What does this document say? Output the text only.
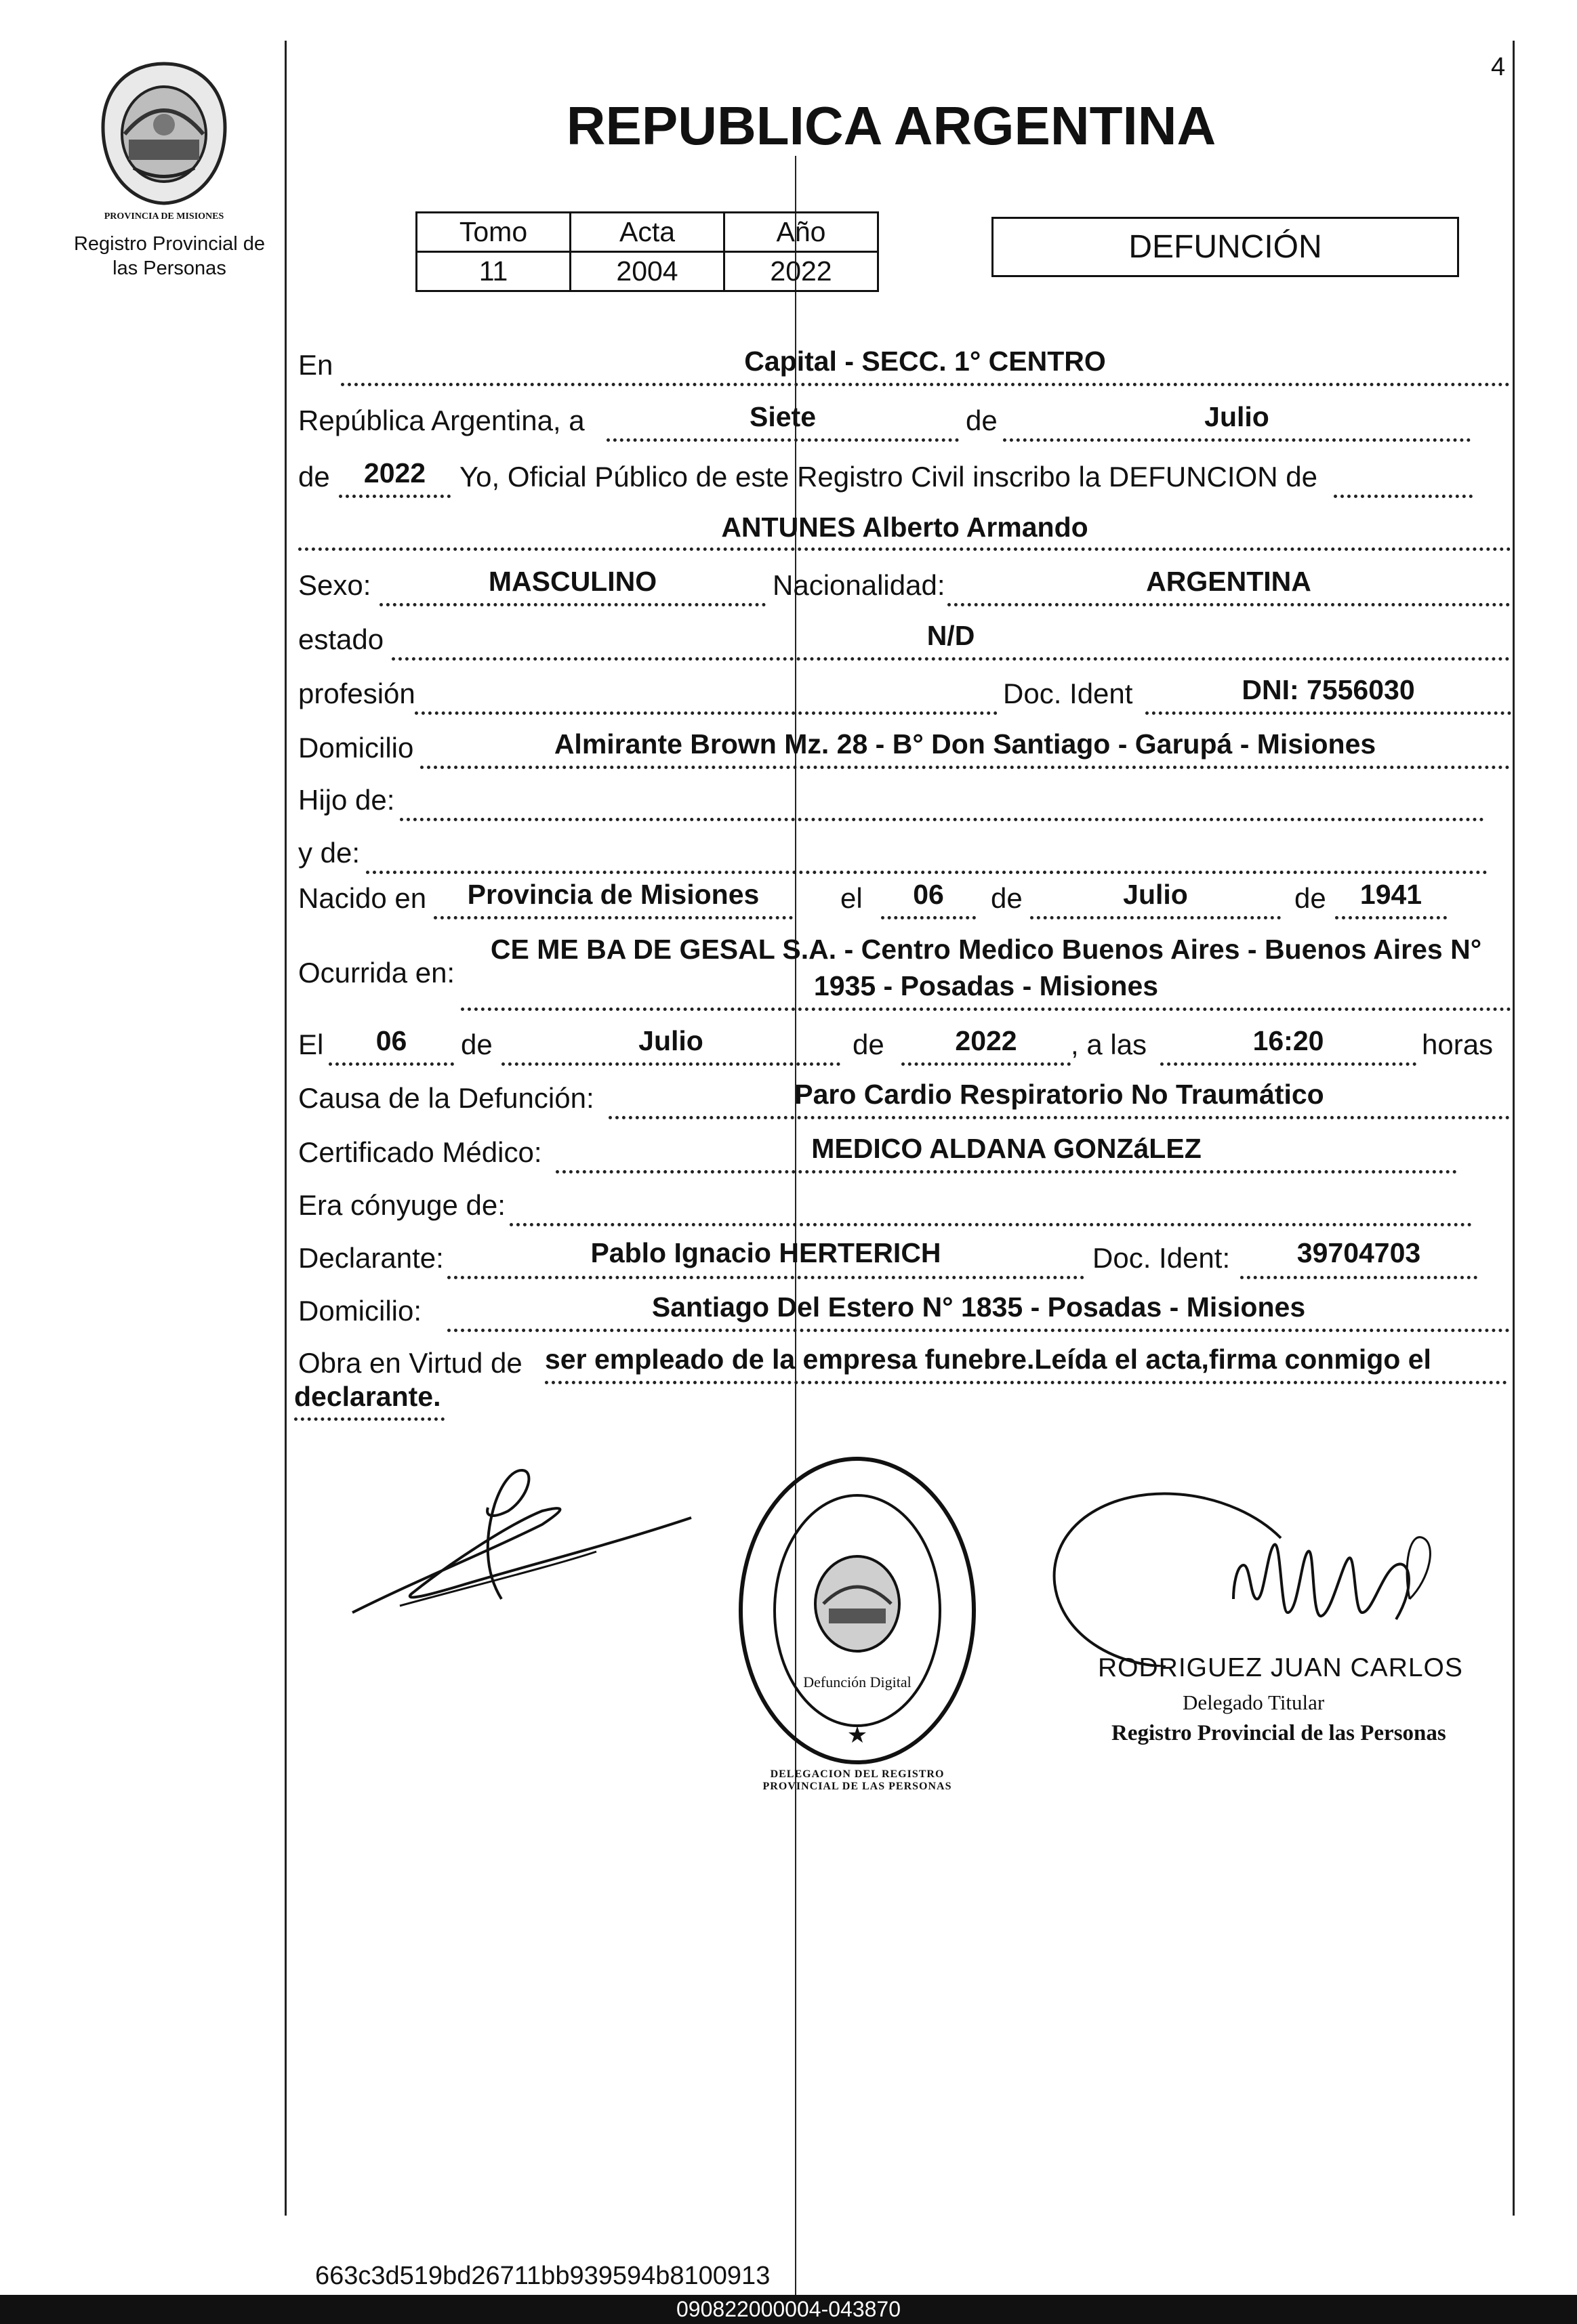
4
PROVINCIA DE MISIONES
Registro Provincial de las Personas
REPUBLICA ARGENTINA
Tomo	Acta	Año
11	2004	2022
DEFUNCIÓN
En	Capital - SECC. 1° CENTRO
República Argentina, a	Siete	de	Julio
de	2022	Yo, Oficial Público de este Registro Civil inscribo la DEFUNCION de
ANTUNES Alberto Armando
Sexo:	MASCULINO	Nacionalidad:	ARGENTINA
estado	N/D
profesión	Doc. Ident	DNI: 7556030
Domicilio	Almirante Brown Mz. 28 - B° Don Santiago - Garupá - Misiones
Hijo de:
y de:
Nacido en	Provincia de Misiones	el	06	de	Julio	de	1941
Ocurrida en:
CE ME BA DE GESAL S.A. - Centro Medico Buenos Aires - Buenos Aires N°
1935 - Posadas - Misiones
El	06	de	Julio	de	2022	, a las	16:20	horas
Causa de la Defunción:	Paro Cardio Respiratorio No Traumático
Certificado Médico:	MEDICO ALDANA GONZáLEZ
Era cónyuge de:
Declarante:	Pablo Ignacio HERTERICH	Doc. Ident:	39704703
Domicilio:	Santiago Del Estero N° 1835 - Posadas - Misiones
Obra en Virtud de ser empleado de la empresa funebre.Leída el acta,firma conmigo el
declarante.
★
DELEGACION DEL REGISTRO PROVINCIAL DE LAS PERSONAS
Defunción Digital	RODRIGUEZ JUAN CARLOS
Delegado Titular
Registro Provincial de las Personas
663c3d519bd26711bb939594b8100913
090822000004-043870
